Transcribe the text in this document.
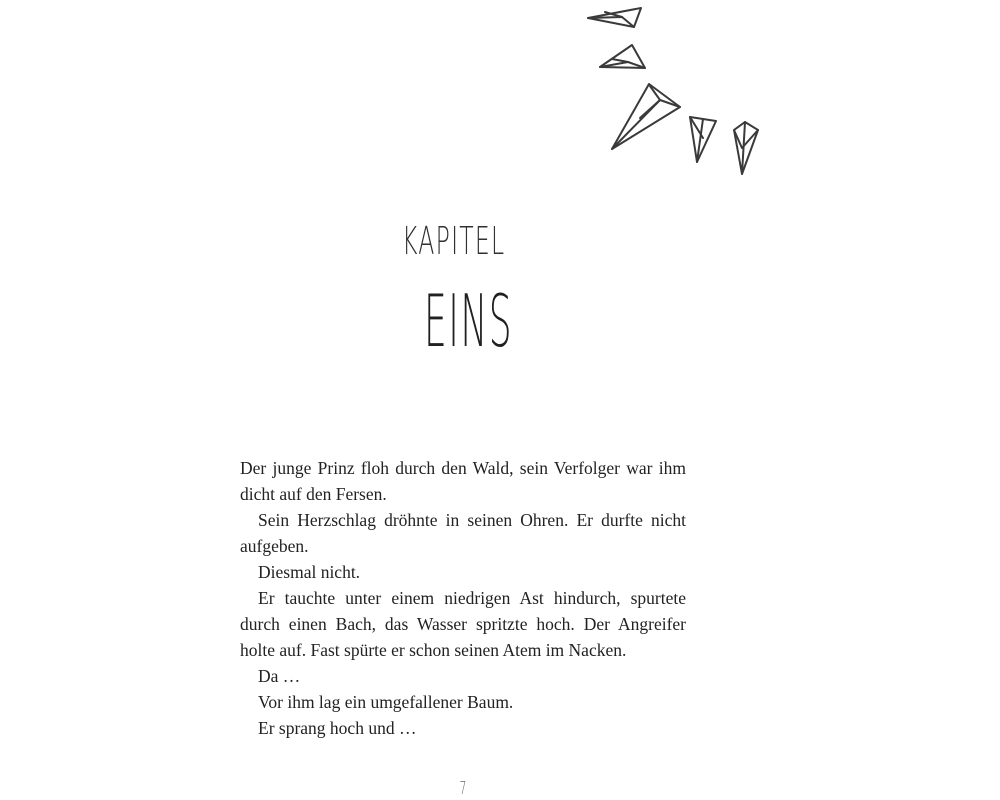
KAPITEL
EINS

Der junge Prinz floh durch den Wald, sein Verfolger war ihm dicht auf den Fersen.

Sein Herzschlag dröhnte in seinen Ohren. Er durfte nicht aufgeben.

Diesmal nicht.

Er tauchte unter einem niedrigen Ast hindurch, spurtete durch einen Bach, das Wasser spritzte hoch. Der Angreifer holte auf. Fast spürte er schon seinen Atem im Nacken.

Da …

Vor ihm lag ein umgefallener Baum.

Er sprang hoch und …

7
